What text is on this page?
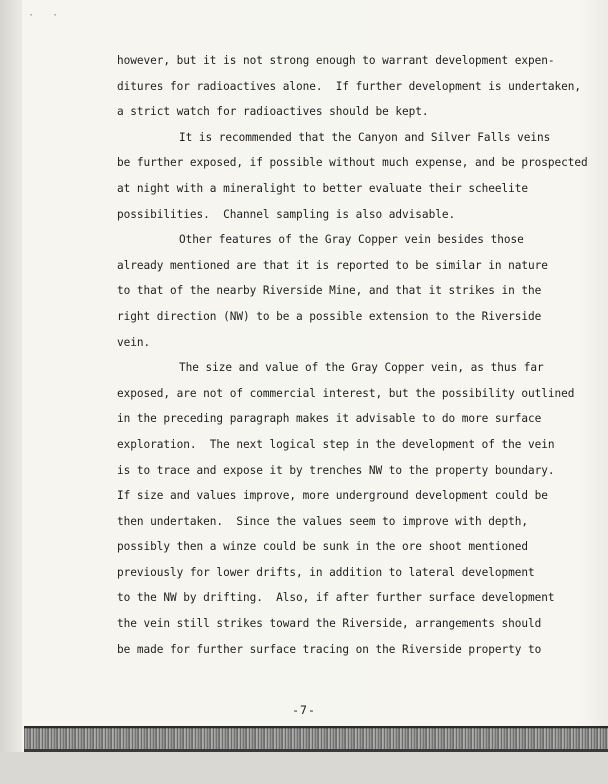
· ·
however, but it is not strong enough to warrant development expen-
ditures for radioactives alone.  If further development is undertaken,
a strict watch for radioactives should be kept.
It is recommended that the Canyon and Silver Falls veins
be further exposed, if possible without much expense, and be prospected
at night with a mineralight to better evaluate their scheelite
possibilities.  Channel sampling is also advisable.
Other features of the Gray Copper vein besides those
already mentioned are that it is reported to be similar in nature
to that of the nearby Riverside Mine, and that it strikes in the
right direction (NW) to be a possible extension to the Riverside
vein.
The size and value of the Gray Copper vein, as thus far
exposed, are not of commercial interest, but the possibility outlined
in the preceding paragraph makes it advisable to do more surface
exploration.  The next logical step in the development of the vein
is to trace and expose it by trenches NW to the property boundary.
If size and values improve, more underground development could be
then undertaken.  Since the values seem to improve with depth,
possibly then a winze could be sunk in the ore shoot mentioned
previously for lower drifts, in addition to lateral development
to the NW by drifting.  Also, if after further surface development
the vein still strikes toward the Riverside, arrangements should
be made for further surface tracing on the Riverside property to
-7-
